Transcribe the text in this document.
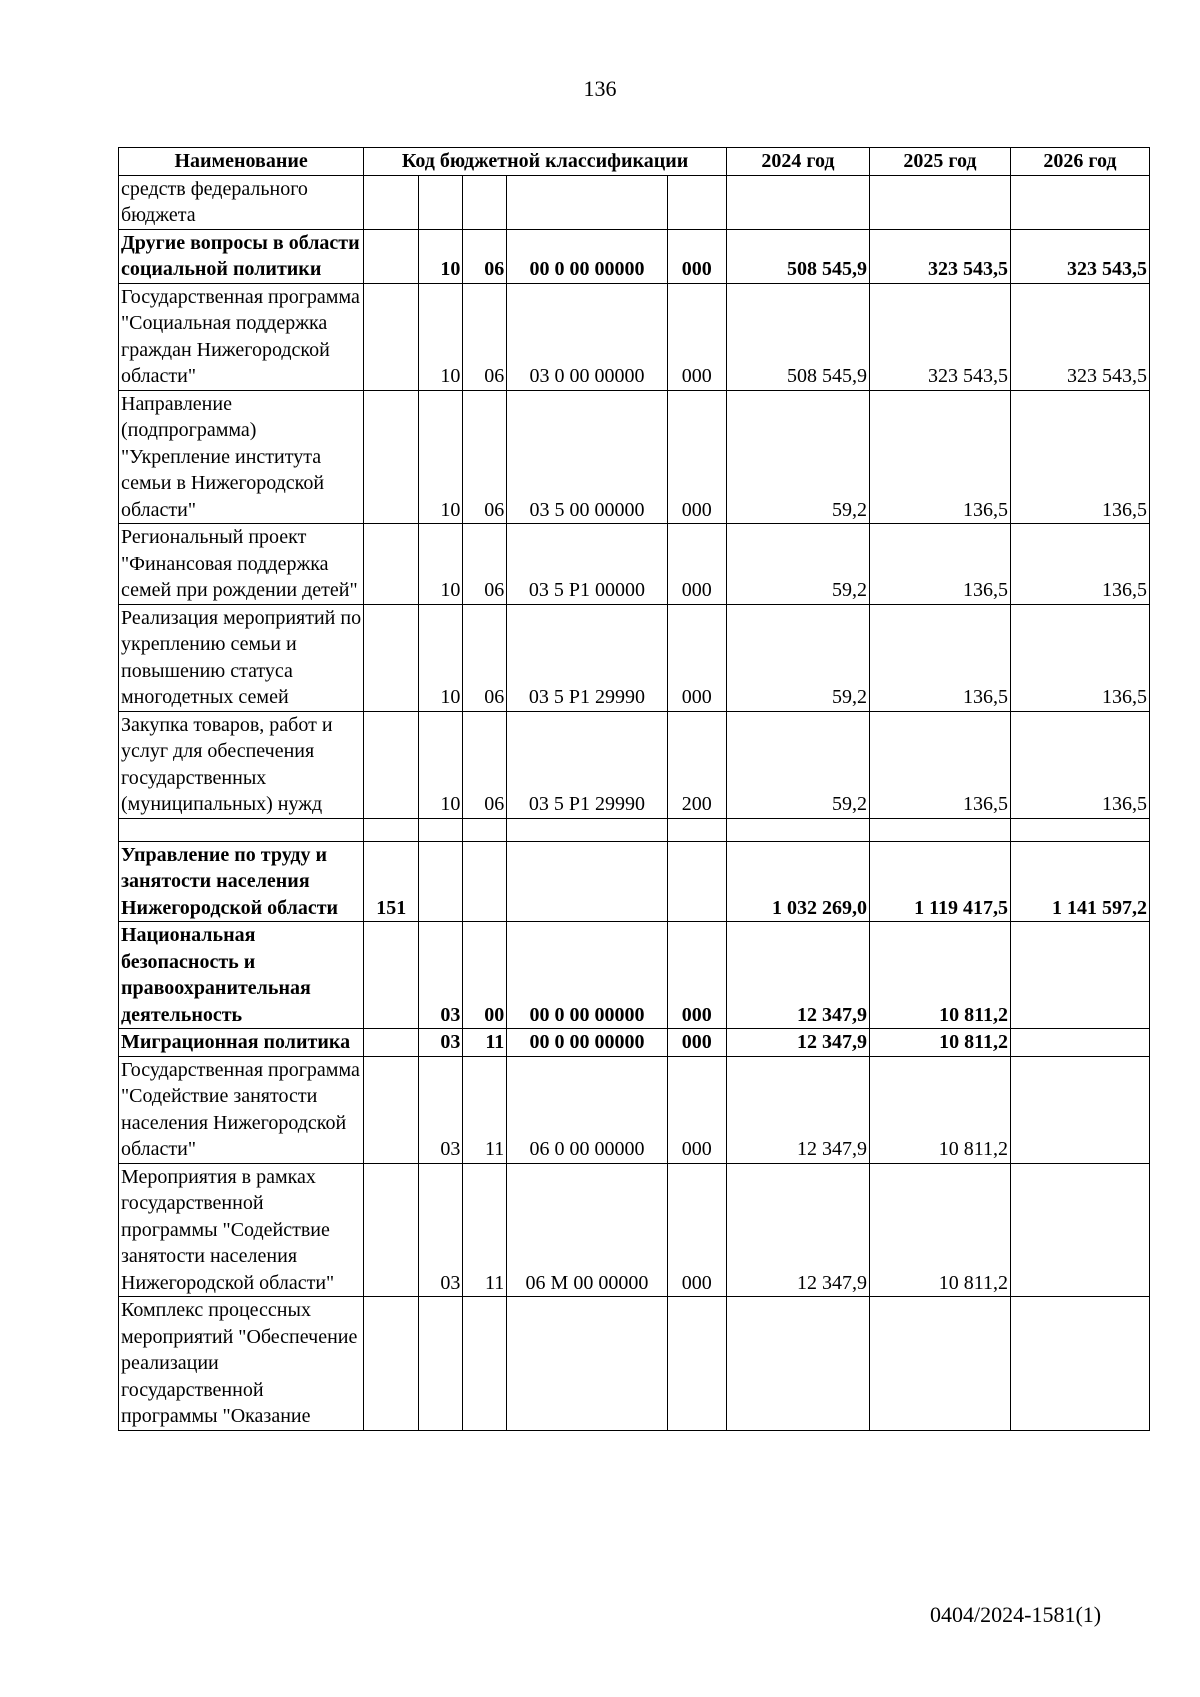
136
Наименование	Код бюджетной классификации					2024 год	2025 год	2026 год
средств федерального бюджета								
Другие вопросы в области социальной политики		10	06	00 0 00 00000	000	508 545,9	323 543,5	323 543,5
Государственная программа "Социальная поддержка граждан Нижегородской области"		10	06	03 0 00 00000	000	508 545,9	323 543,5	323 543,5
Направление (подпрограмма) "Укрепление института семьи в Нижегородской области"		10	06	03 5 00 00000	000	59,2	136,5	136,5
Региональный проект "Финансовая поддержка семей при рождении детей"		10	06	03 5 P1 00000	000	59,2	136,5	136,5
Реализация мероприятий по укреплению семьи и повышению статуса многодетных семей		10	06	03 5 P1 29990	000	59,2	136,5	136,5
Закупка товаров, работ и услуг для обеспечения государственных (муниципальных) нужд		10	06	03 5 P1 29990	200	59,2	136,5	136,5

Управление по труду и занятости населения Нижегородской области	151					1 032 269,0	1 119 417,5	1 141 597,2
Национальная безопасность и правоохранительная деятельность		03	00	00 0 00 00000	000	12 347,9	10 811,2	
Миграционная политика		03	11	00 0 00 00000	000	12 347,9	10 811,2	
Государственная программа "Содействие занятости населения Нижегородской области"		03	11	06 0 00 00000	000	12 347,9	10 811,2	
Мероприятия в рамках государственной программы "Содействие занятости населения Нижегородской области"		03	11	06 М 00 00000	000	12 347,9	10 811,2	
Комплекс процессных мероприятий "Обеспечение реализации государственной программы "Оказание								
0404/2024-1581(1)
